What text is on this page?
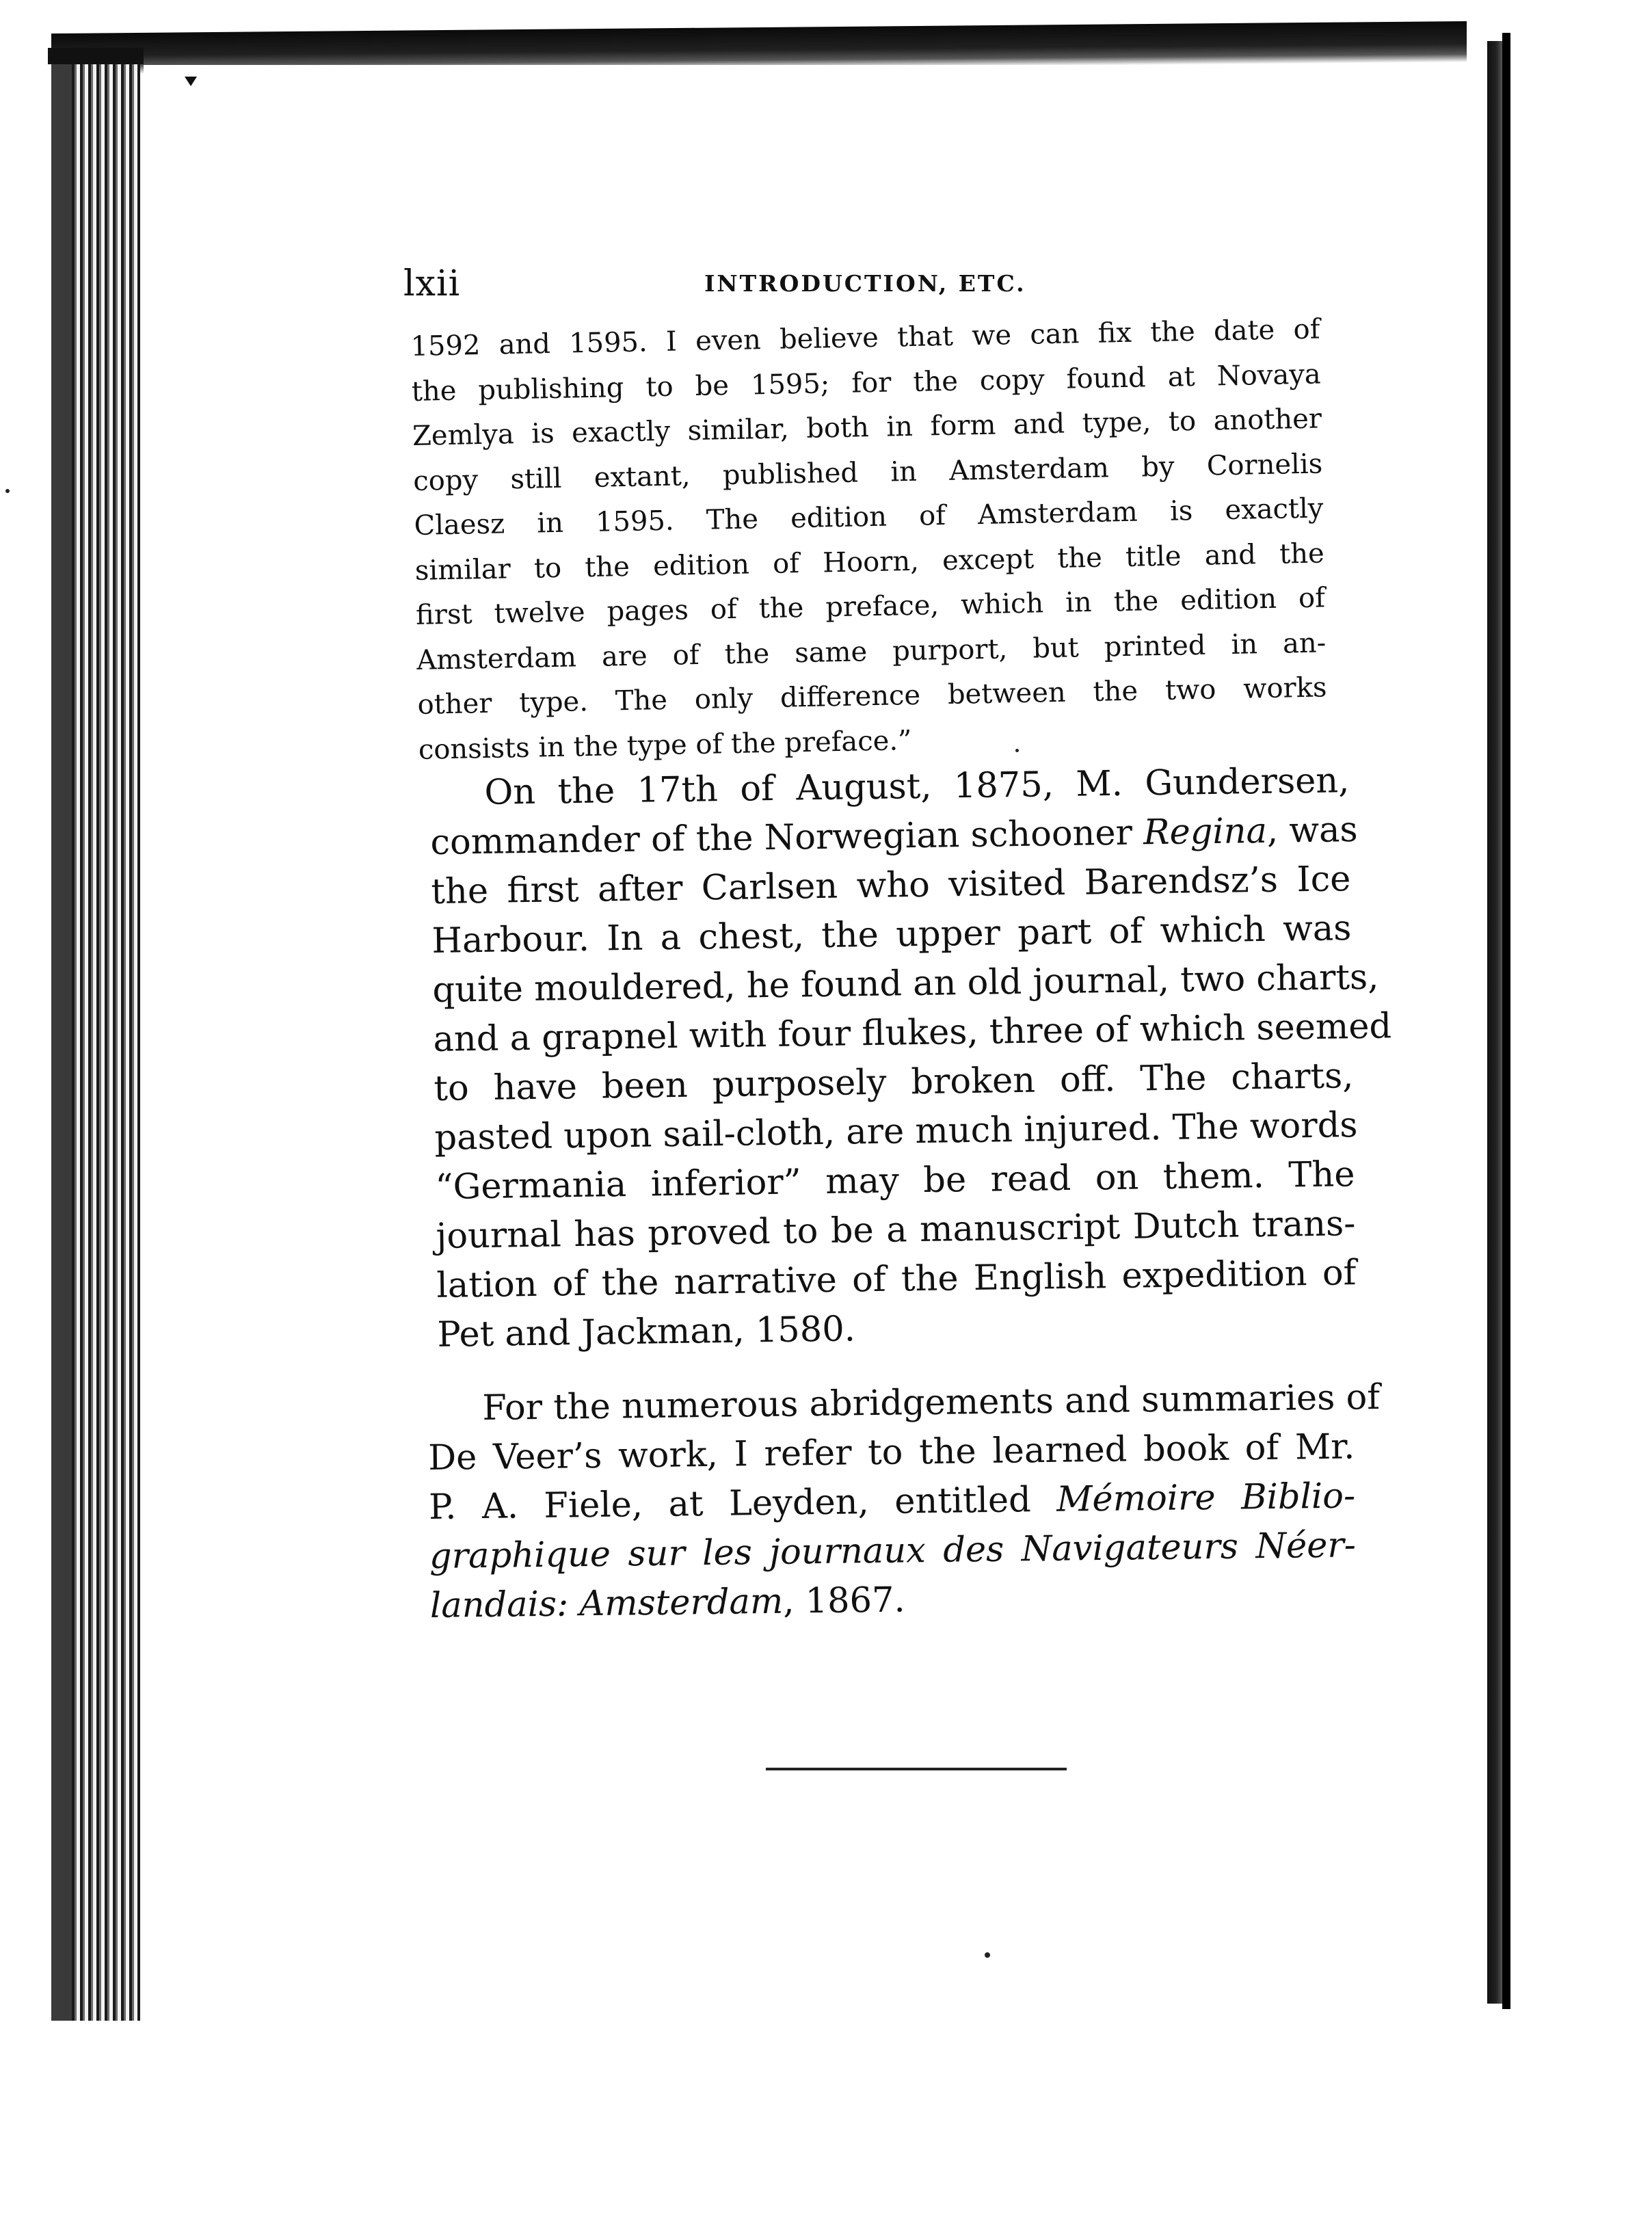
lxii	INTRODUCTION, ETC.
1592 and 1595. I even believe that we can fix the date of
the publishing to be 1595; for the copy found at Novaya
Zemlya is exactly similar, both in form and type, to another
copy still extant, published in Amsterdam by Cornelis
Claesz in 1595. The edition of Amsterdam is exactly
similar to the edition of Hoorn, except the title and the
first twelve pages of the preface, which in the edition of
Amsterdam are of the same purport, but printed in an-
other type. The only difference between the two works
consists in the type of the preface.”
On the 17th of August, 1875, M. Gundersen,
commander of the Norwegian schooner Regina, was
the first after Carlsen who visited Barendsz’s Ice
Harbour. In a chest, the upper part of which was
quite mouldered, he found an old journal, two charts,
and a grapnel with four flukes, three of which seemed
to have been purposely broken off. The charts,
pasted upon sail-cloth, are much injured. The words
“Germania inferior” may be read on them. The
journal has proved to be a manuscript Dutch trans-
lation of the narrative of the English expedition of
Pet and Jackman, 1580.
For the numerous abridgements and summaries of
De Veer’s work, I refer to the learned book of Mr.
P. A. Fiele, at Leyden, entitled Mémoire Biblio-
graphique sur les journaux des Navigateurs Néer-
landais: Amsterdam, 1867.
